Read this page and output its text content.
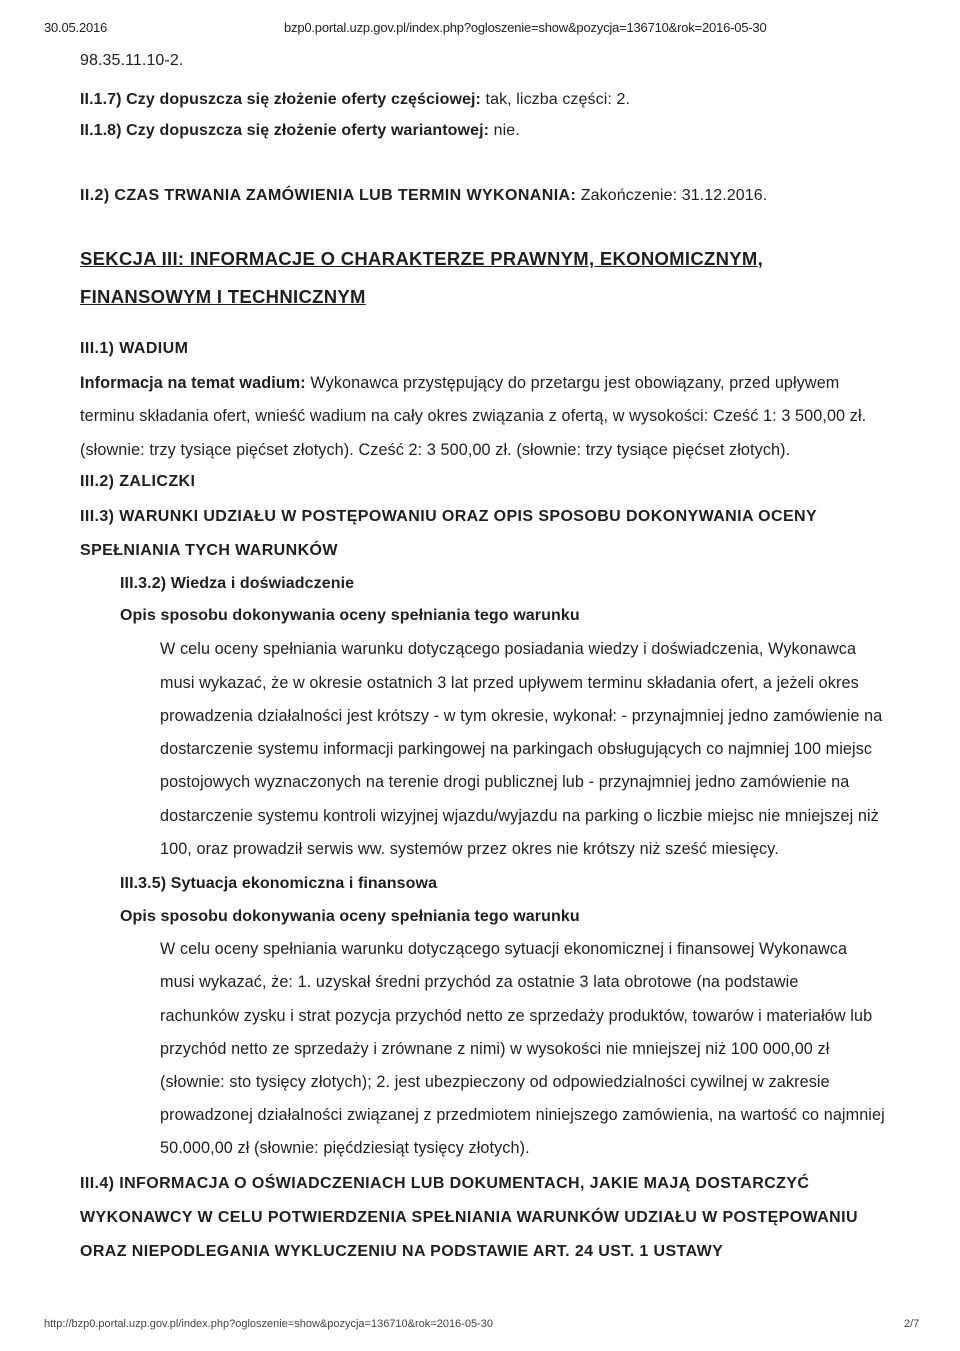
30.05.2016	bzp0.portal.uzp.gov.pl/index.php?ogloszenie=show&pozycja=136710&rok=2016-05-30
98.35.11.10-2.
II.1.7) Czy dopuszcza się złożenie oferty częściowej: tak, liczba części: 2.
II.1.8) Czy dopuszcza się złożenie oferty wariantowej: nie.
II.2) CZAS TRWANIA ZAMÓWIENIA LUB TERMIN WYKONANIA: Zakończenie: 31.12.2016.
SEKCJA III: INFORMACJE O CHARAKTERZE PRAWNYM, EKONOMICZNYM,
FINANSOWYM I TECHNICZNYM
III.1) WADIUM
Informacja na temat wadium: Wykonawca przystępujący do przetargu jest obowiązany, przed upływem
terminu składania ofert, wnieść wadium na cały okres związania z ofertą, w wysokości: Cześć 1: 3 500,00 zł.
(słownie: trzy tysiące pięćset złotych). Cześć 2: 3 500,00 zł. (słownie: trzy tysiące pięćset złotych).
III.2) ZALICZKI
III.3) WARUNKI UDZIAŁU W POSTĘPOWANIU ORAZ OPIS SPOSOBU DOKONYWANIA OCENY
SPEŁNIANIA TYCH WARUNKÓW
III.3.2) Wiedza i doświadczenie
Opis sposobu dokonywania oceny spełniania tego warunku
W celu oceny spełniania warunku dotyczącego posiadania wiedzy i doświadczenia, Wykonawca
musi wykazać, że w okresie ostatnich 3 lat przed upływem terminu składania ofert, a jeżeli okres
prowadzenia działalności jest krótszy - w tym okresie, wykonał: - przynajmniej jedno zamówienie na
dostarczenie systemu informacji parkingowej na parkingach obsługujących co najmniej 100 miejsc
postojowych wyznaczonych na terenie drogi publicznej lub - przynajmniej jedno zamówienie na
dostarczenie systemu kontroli wizyjnej wjazdu/wyjazdu na parking o liczbie miejsc nie mniejszej niż
100, oraz prowadził serwis ww. systemów przez okres nie krótszy niż sześć miesięcy.
III.3.5) Sytuacja ekonomiczna i finansowa
Opis sposobu dokonywania oceny spełniania tego warunku
W celu oceny spełniania warunku dotyczącego sytuacji ekonomicznej i finansowej Wykonawca
musi wykazać, że: 1. uzyskał średni przychód za ostatnie 3 lata obrotowe (na podstawie
rachunków zysku i strat pozycja przychód netto ze sprzedaży produktów, towarów i materiałów lub
przychód netto ze sprzedaży i zrównane z nimi) w wysokości nie mniejszej niż 100 000,00 zł
(słownie: sto tysięcy złotych); 2. jest ubezpieczony od odpowiedzialności cywilnej w zakresie
prowadzonej działalności związanej z przedmiotem niniejszego zamówienia, na wartość co najmniej
50.000,00 zł (słownie: pięćdziesiąt tysięcy złotych).
III.4) INFORMACJA O OŚWIADCZENIACH LUB DOKUMENTACH, JAKIE MAJĄ DOSTARCZYĆ
WYKONAWCY W CELU POTWIERDZENIA SPEŁNIANIA WARUNKÓW UDZIAŁU W POSTĘPOWANIU
ORAZ NIEPODLEGANIA WYKLUCZENIU NA PODSTAWIE ART. 24 UST. 1 USTAWY
http://bzp0.portal.uzp.gov.pl/index.php?ogloszenie=show&pozycja=136710&rok=2016-05-30	2/7
